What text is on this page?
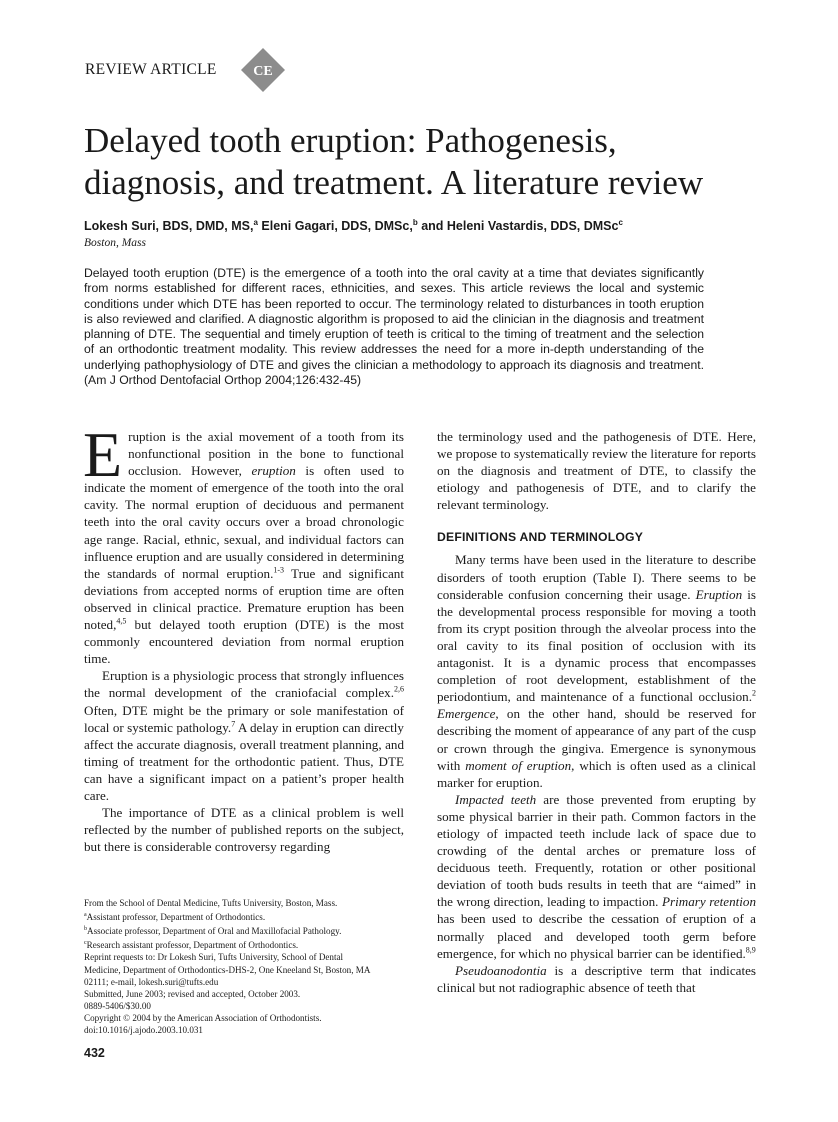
REVIEW ARTICLE	CE
Delayed tooth eruption: Pathogenesis, diagnosis, and treatment. A literature review
Lokesh Suri, BDS, DMD, MS,$^a$ Eleni Gagari, DDS, DMSc,$^b$ and Heleni Vastardis, DDS, DMSc$^c$
Boston, Mass

Delayed tooth eruption (DTE) is the emergence of a tooth into the oral cavity at a time that deviates significantly from norms established for different races, ethnicities, and sexes. This article reviews the local and systemic conditions under which DTE has been reported to occur. The terminology related to disturbances in tooth eruption is also reviewed and clarified. A diagnostic algorithm is proposed to aid the clinician in the diagnosis and treatment planning of DTE. The sequential and timely eruption of teeth is critical to the timing of treatment and the selection of an orthodontic treatment modality. This review addresses the need for a more in-depth understanding of the underlying pathophysiology of DTE and gives the clinician a methodology to approach its diagnosis and treatment. (Am J Orthod Dentofacial Orthop 2004;126:432-45)

Eruption is the axial movement of a tooth from its nonfunctional position in the bone to functional occlusion. However, eruption is often used to indicate the moment of emergence of the tooth into the oral cavity. The normal eruption of deciduous and permanent teeth into the oral cavity occurs over a broad chronologic age range. Racial, ethnic, sexual, and individual factors can influence eruption and are usually considered in determining the standards of normal eruption.$^{1-3}$ True and significant deviations from accepted norms of eruption time are often observed in clinical practice. Premature eruption has been noted,$^{4,5}$ but delayed tooth eruption (DTE) is the most commonly encountered deviation from normal eruption time.

Eruption is a physiologic process that strongly influences the normal development of the craniofacial complex.$^{2,6}$ Often, DTE might be the primary or sole manifestation of local or systemic pathology.$^7$ A delay in eruption can directly affect the accurate diagnosis, overall treatment planning, and timing of treatment for the orthodontic patient. Thus, DTE can have a significant impact on a patient’s proper health care.

The importance of DTE as a clinical problem is well reflected by the number of published reports on the subject, but there is considerable controversy regarding

the terminology used and the pathogenesis of DTE. Here, we propose to systematically review the literature for reports on the diagnosis and treatment of DTE, to classify the etiology and pathogenesis of DTE, and to clarify the relevant terminology.

DEFINITIONS AND TERMINOLOGY

Many terms have been used in the literature to describe disorders of tooth eruption (Table I). There seems to be considerable confusion concerning their usage. Eruption is the developmental process responsible for moving a tooth from its crypt position through the alveolar process into the oral cavity to its final position of occlusion with its antagonist. It is a dynamic process that encompasses completion of root development, establishment of the periodontium, and maintenance of a functional occlusion.$^2$ Emergence, on the other hand, should be reserved for describing the moment of appearance of any part of the cusp or crown through the gingiva. Emergence is synonymous with moment of eruption, which is often used as a clinical marker for eruption.

Impacted teeth are those prevented from erupting by some physical barrier in their path. Common factors in the etiology of impacted teeth include lack of space due to crowding of the dental arches or premature loss of deciduous teeth. Frequently, rotation or other positional deviation of tooth buds results in teeth that are “aimed” in the wrong direction, leading to impaction. Primary retention has been used to describe the cessation of eruption of a normally placed and developed tooth germ before emergence, for which no physical barrier can be identified.$^{8,9}$

Pseudoanodontia is a descriptive term that indicates clinical but not radiographic absence of teeth that

From the School of Dental Medicine, Tufts University, Boston, Mass.
$^a$Assistant professor, Department of Orthodontics.
$^b$Associate professor, Department of Oral and Maxillofacial Pathology.
$^c$Research assistant professor, Department of Orthodontics.
Reprint requests to: Dr Lokesh Suri, Tufts University, School of Dental
Medicine, Department of Orthodontics-DHS-2, One Kneeland St, Boston, MA
02111; e-mail, lokesh.suri@tufts.edu
Submitted, June 2003; revised and accepted, October 2003.
0889-5406/$30.00
Copyright © 2004 by the American Association of Orthodontists.
doi:10.1016/j.ajodo.2003.10.031
432
